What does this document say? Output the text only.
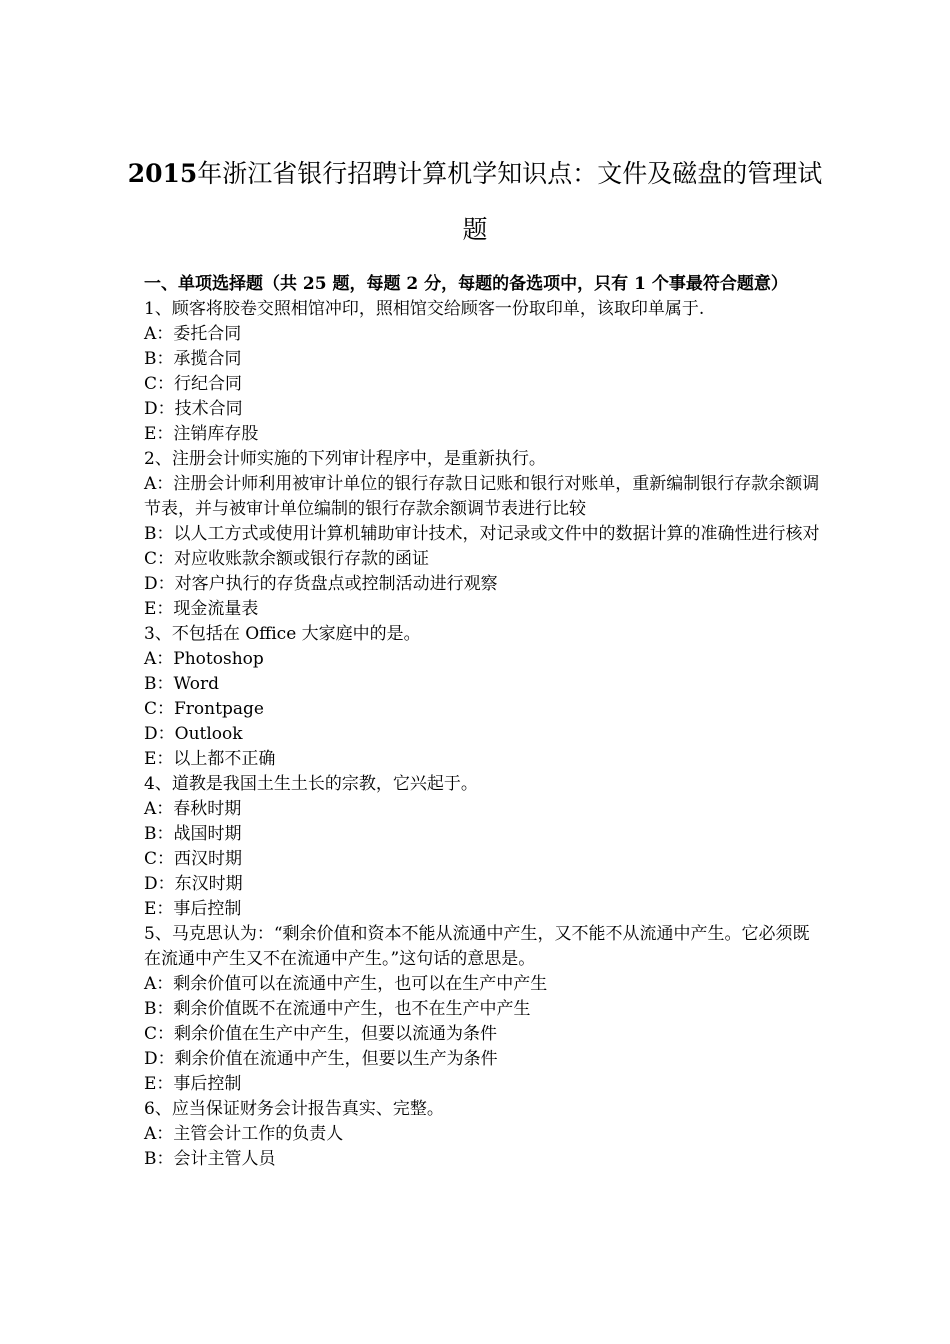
2015年浙江省银行招聘计算机学知识点：文件及磁盘的管理试题

一、单项选择题（共 25 题，每题 2 分，每题的备选项中，只有 1 个事最符合题意）

1、顾客将胶卷交照相馆冲印，照相馆交给顾客一份取印单，该取印单属于.

A：委托合同

B：承揽合同

C：行纪合同

D：技术合同

E：注销库存股

2、注册会计师实施的下列审计程序中，是重新执行。

A：注册会计师利用被审计单位的银行存款日记账和银行对账单，重新编制银行存款余额调节表，并与被审计单位编制的银行存款余额调节表进行比较

B：以人工方式或使用计算机辅助审计技术，对记录或文件中的数据计算的准确性进行核对

C：对应收账款余额或银行存款的函证

D：对客户执行的存货盘点或控制活动进行观察

E：现金流量表

3、不包括在 Office 大家庭中的是。

A：Photoshop

B：Word

C：Frontpage

D：Outlook

E：以上都不正确

4、道教是我国土生土长的宗教，它兴起于。

A：春秋时期

B：战国时期

C：西汉时期

D：东汉时期

E：事后控制

5、马克思认为：“剩余价值和资本不能从流通中产生，又不能不从流通中产生。它必须既在流通中产生又不在流通中产生。”这句话的意思是。

A：剩余价值可以在流通中产生，也可以在生产中产生

B：剩余价值既不在流通中产生，也不在生产中产生

C：剩余价值在生产中产生，但要以流通为条件

D：剩余价值在流通中产生，但要以生产为条件

E：事后控制

6、应当保证财务会计报告真实、完整。

A：主管会计工作的负责人

B：会计主管人员
